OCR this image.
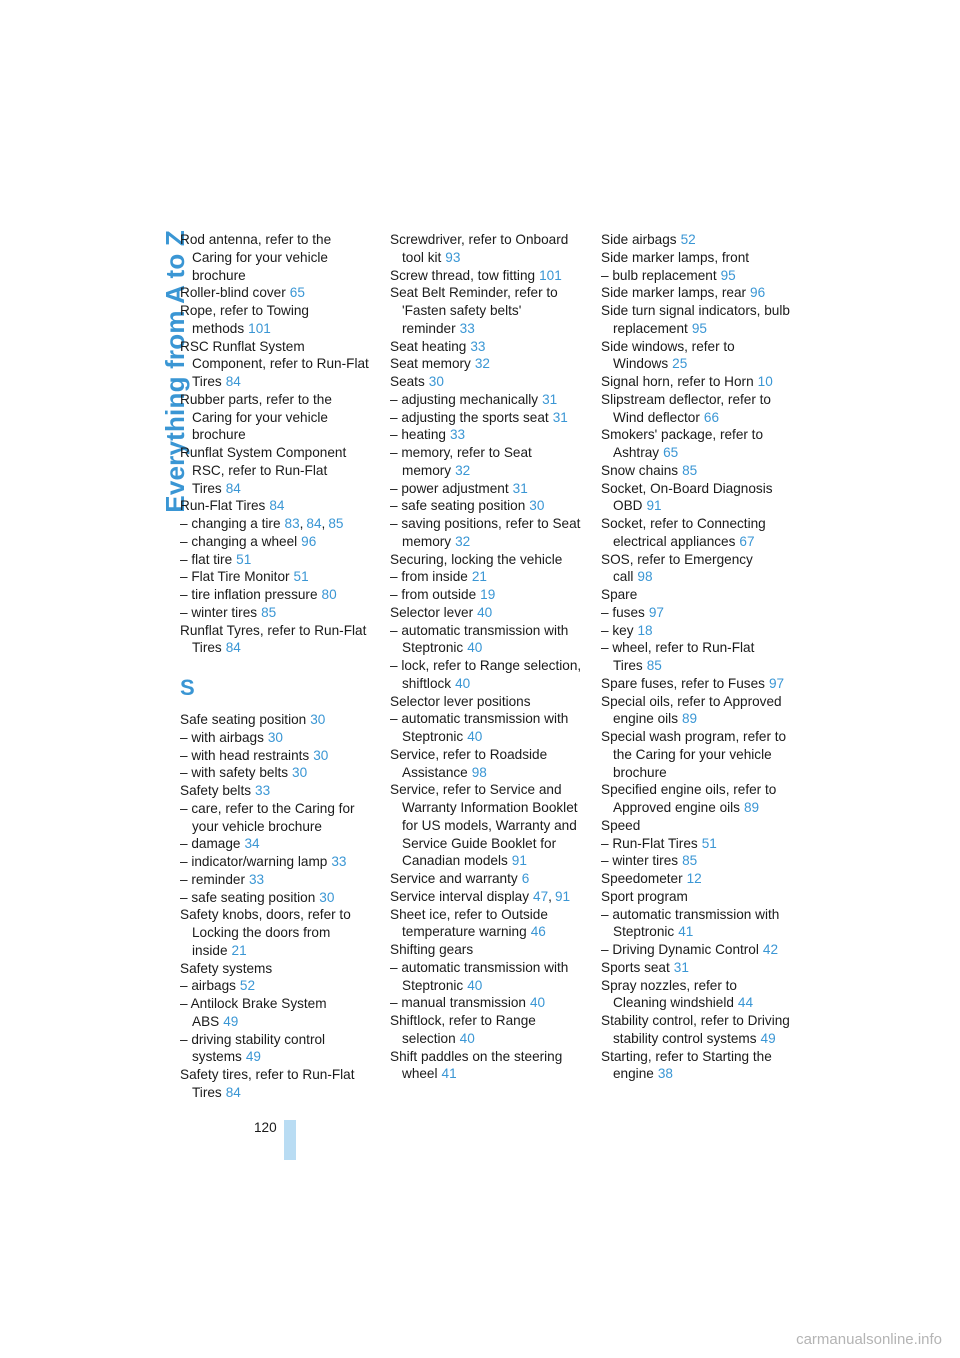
Everything from A to Z
Rod antenna, refer to the Caring for your vehicle brochure
Roller-blind cover 65
Rope, refer to Towing methods 101
RSC Runflat System Component, refer to Run-Flat Tires 84
Rubber parts, refer to the Caring for your vehicle brochure
Runflat System Component RSC, refer to Run-Flat Tires 84
Run-Flat Tires 84
– changing a tire 83, 84, 85
– changing a wheel 96
– flat tire 51
– Flat Tire Monitor 51
– tire inflation pressure 80
– winter tires 85
Runflat Tyres, refer to Run-Flat Tires 84
S
Safe seating position 30
– with airbags 30
– with head restraints 30
– with safety belts 30
Safety belts 33
– care, refer to the Caring for your vehicle brochure
– damage 34
– indicator/warning lamp 33
– reminder 33
– safe seating position 30
Safety knobs, doors, refer to Locking the doors from inside 21
Safety systems
– airbags 52
– Antilock Brake System ABS 49
– driving stability control systems 49
Safety tires, refer to Run-Flat Tires 84
Screwdriver, refer to Onboard tool kit 93
Screw thread, tow fitting 101
Seat Belt Reminder, refer to 'Fasten safety belts' reminder 33
Seat heating 33
Seat memory 32
Seats 30
– adjusting mechanically 31
– adjusting the sports seat 31
– heating 33
– memory, refer to Seat memory 32
– power adjustment 31
– safe seating position 30
– saving positions, refer to Seat memory 32
Securing, locking the vehicle
– from inside 21
– from outside 19
Selector lever 40
– automatic transmission with Steptronic 40
– lock, refer to Range selection, shiftlock 40
Selector lever positions
– automatic transmission with Steptronic 40
Service, refer to Roadside Assistance 98
Service, refer to Service and Warranty Information Booklet for US models, Warranty and Service Guide Booklet for Canadian models 91
Service and warranty 6
Service interval display 47, 91
Sheet ice, refer to Outside temperature warning 46
Shifting gears
– automatic transmission with Steptronic 40
– manual transmission 40
Shiftlock, refer to Range selection 40
Shift paddles on the steering wheel 41
Side airbags 52
Side marker lamps, front
– bulb replacement 95
Side marker lamps, rear 96
Side turn signal indicators, bulb replacement 95
Side windows, refer to Windows 25
Signal horn, refer to Horn 10
Slipstream deflector, refer to Wind deflector 66
Smokers' package, refer to Ashtray 65
Snow chains 85
Socket, On-Board Diagnosis OBD 91
Socket, refer to Connecting electrical appliances 67
SOS, refer to Emergency call 98
Spare
– fuses 97
– key 18
– wheel, refer to Run-Flat Tires 85
Spare fuses, refer to Fuses 97
Special oils, refer to Approved engine oils 89
Special wash program, refer to the Caring for your vehicle brochure
Specified engine oils, refer to Approved engine oils 89
Speed
– Run-Flat Tires 51
– winter tires 85
Speedometer 12
Sport program
– automatic transmission with Steptronic 41
– Driving Dynamic Control 42
Sports seat 31
Spray nozzles, refer to Cleaning windshield 44
Stability control, refer to Driving stability control systems 49
Starting, refer to Starting the engine 38
120
carmanualsonline.info
